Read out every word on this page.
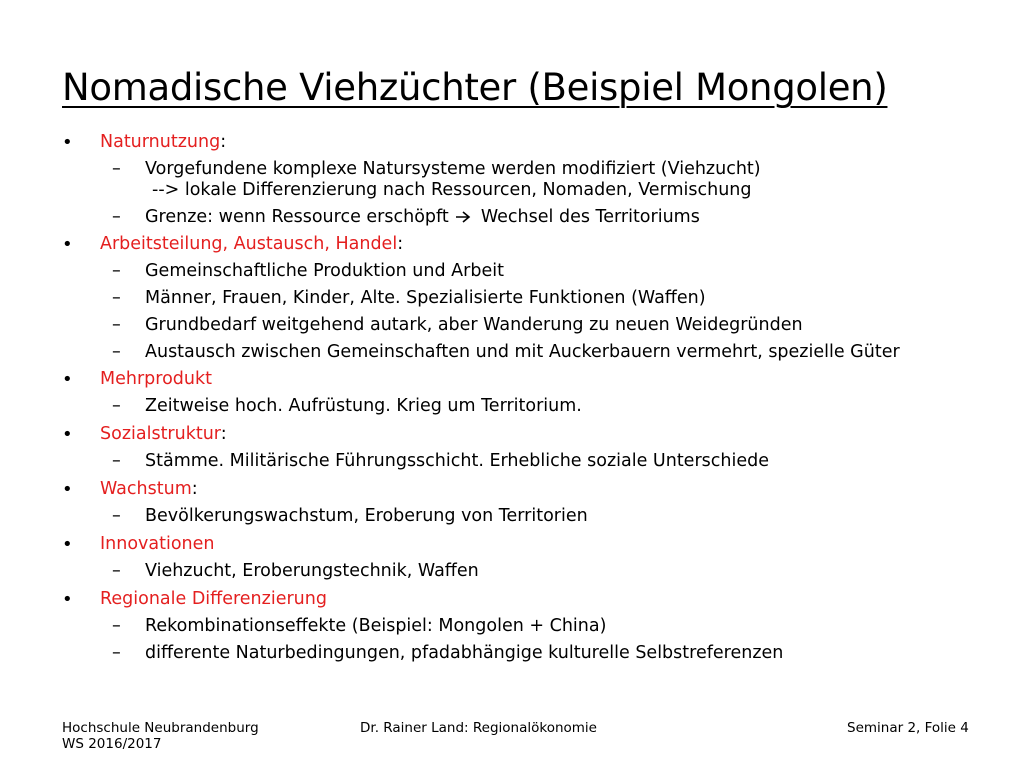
Nomadische Viehzüchter (Beispiel Mongolen)
• Naturnutzung:
– Vorgefundene komplexe Natursysteme werden modifiziert (Viehzucht)
--> lokale Differenzierung nach Ressourcen, Nomaden, Vermischung
– Grenze: wenn Ressource erschöpft Wechsel des Territoriums
• Arbeitsteilung, Austausch, Handel:
– Gemeinschaftliche Produktion und Arbeit
– Männer, Frauen, Kinder, Alte. Spezialisierte Funktionen (Waffen)
– Grundbedarf weitgehend autark, aber Wanderung zu neuen Weidegründen
– Austausch zwischen Gemeinschaften und mit Auckerbauern vermehrt, spezielle Güter
• Mehrprodukt
– Zeitweise hoch. Aufrüstung. Krieg um Territorium.
• Sozialstruktur:
– Stämme. Militärische Führungsschicht. Erhebliche soziale Unterschiede
• Wachstum:
– Bevölkerungswachstum, Eroberung von Territorien
• Innovationen
– Viehzucht, Eroberungstechnik, Waffen
• Regionale Differenzierung
– Rekombinationseffekte (Beispiel: Mongolen + China)
– differente Naturbedingungen, pfadabhängige kulturelle Selbstreferenzen
Hochschule Neubrandenburg
WS 2016/2017
Dr. Rainer Land: Regionalökonomie	Seminar 2, Folie 4
